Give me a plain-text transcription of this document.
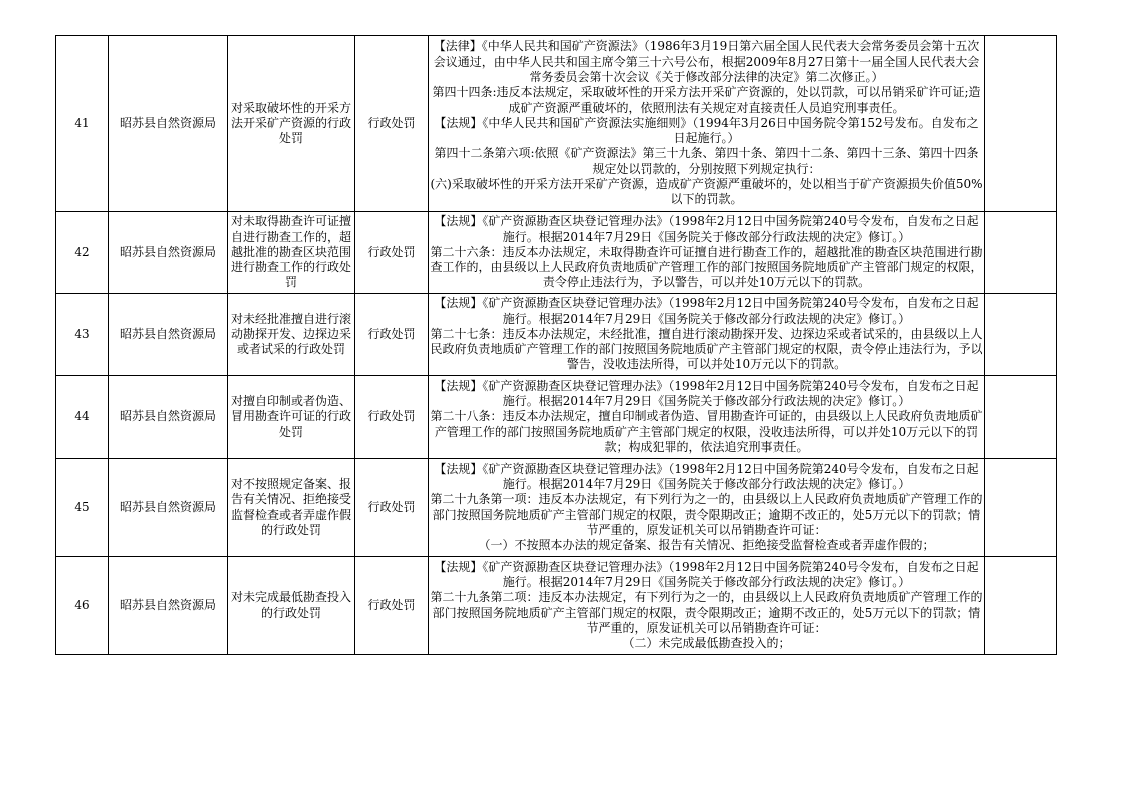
41	昭苏县自然资源局	对采取破坏性的开采方法开采矿产资源的行政处罚	行政处罚	【法律】《中华人民共和国矿产资源法》（1986年3月19日第六届全国人民代表大会常务委员会第十五次会议通过，由中华人民共和国主席令第三十六号公布，根据2009年8月27日第十一届全国人民代表大会常务委员会第十次会议《关于修改部分法律的决定》第二次修正。）
第四十四条:违反本法规定，采取破坏性的开采方法开采矿产资源的，处以罚款，可以吊销采矿许可证;造成矿产资源严重破坏的，依照刑法有关规定对直接责任人员追究刑事责任。
【法规】《中华人民共和国矿产资源法实施细则》（1994年3月26日中国务院令第152号发布。自发布之日起施行。）
第四十二条第六项:依照《矿产资源法》第三十九条、第四十条、第四十二条、第四十三条、第四十四条规定处以罚款的，分别按照下列规定执行：
(六)采取破坏性的开采方法开采矿产资源，造成矿产资源严重破坏的，处以相当于矿产资源损失价值50%以下的罚款。	

42	昭苏县自然资源局	对未取得勘查许可证擅自进行勘查工作的，超越批准的勘查区块范围进行勘查工作的行政处罚	行政处罚	【法规】《矿产资源勘查区块登记管理办法》（1998年2月12日中国务院第240号令发布，自发布之日起施行。根据2014年7月29日《国务院关于修改部分行政法规的决定》修订。）
第二十六条：违反本办法规定，未取得勘查许可证擅自进行勘查工作的，超越批准的勘查区块范围进行勘查工作的，由县级以上人民政府负责地质矿产管理工作的部门按照国务院地质矿产主管部门规定的权限，责令停止违法行为，予以警告，可以并处10万元以下的罚款。	

43	昭苏县自然资源局	对未经批准擅自进行滚动勘探开发、边探边采或者试采的行政处罚	行政处罚	【法规】《矿产资源勘查区块登记管理办法》（1998年2月12日中国务院第240号令发布，自发布之日起施行。根据2014年7月29日《国务院关于修改部分行政法规的决定》修订。）
第二十七条：违反本办法规定，未经批准，擅自进行滚动勘探开发、边探边采或者试采的，由县级以上人民政府负责地质矿产管理工作的部门按照国务院地质矿产主管部门规定的权限，责令停止违法行为，予以警告，没收违法所得，可以并处10万元以下的罚款。	

44	昭苏县自然资源局	对擅自印制或者伪造、冒用勘查许可证的行政处罚	行政处罚	【法规】《矿产资源勘查区块登记管理办法》（1998年2月12日中国务院第240号令发布，自发布之日起施行。根据2014年7月29日《国务院关于修改部分行政法规的决定》修订。）
第二十八条：违反本办法规定，擅自印制或者伪造、冒用勘查许可证的，由县级以上人民政府负责地质矿产管理工作的部门按照国务院地质矿产主管部门规定的权限，没收违法所得，可以并处10万元以下的罚款；构成犯罪的，依法追究刑事责任。	

45	昭苏县自然资源局	对不按照规定备案、报告有关情况、拒绝接受监督检查或者弄虚作假的行政处罚	行政处罚	【法规】《矿产资源勘查区块登记管理办法》（1998年2月12日中国务院第240号令发布，自发布之日起施行。根据2014年7月29日《国务院关于修改部分行政法规的决定》修订。）
第二十九条第一项：违反本办法规定，有下列行为之一的，由县级以上人民政府负责地质矿产管理工作的部门按照国务院地质矿产主管部门规定的权限，责令限期改正；逾期不改正的，处5万元以下的罚款；情节严重的，原发证机关可以吊销勘查许可证：
（一）不按照本办法的规定备案、报告有关情况、拒绝接受监督检查或者弄虚作假的；	

46	昭苏县自然资源局	对未完成最低勘查投入的行政处罚	行政处罚	【法规】《矿产资源勘查区块登记管理办法》（1998年2月12日中国务院第240号令发布，自发布之日起施行。根据2014年7月29日《国务院关于修改部分行政法规的决定》修订。）
第二十九条第二项：违反本办法规定，有下列行为之一的，由县级以上人民政府负责地质矿产管理工作的部门按照国务院地质矿产主管部门规定的权限，责令限期改正；逾期不改正的，处5万元以下的罚款；情节严重的，原发证机关可以吊销勘查许可证：
（二）未完成最低勘查投入的；	
